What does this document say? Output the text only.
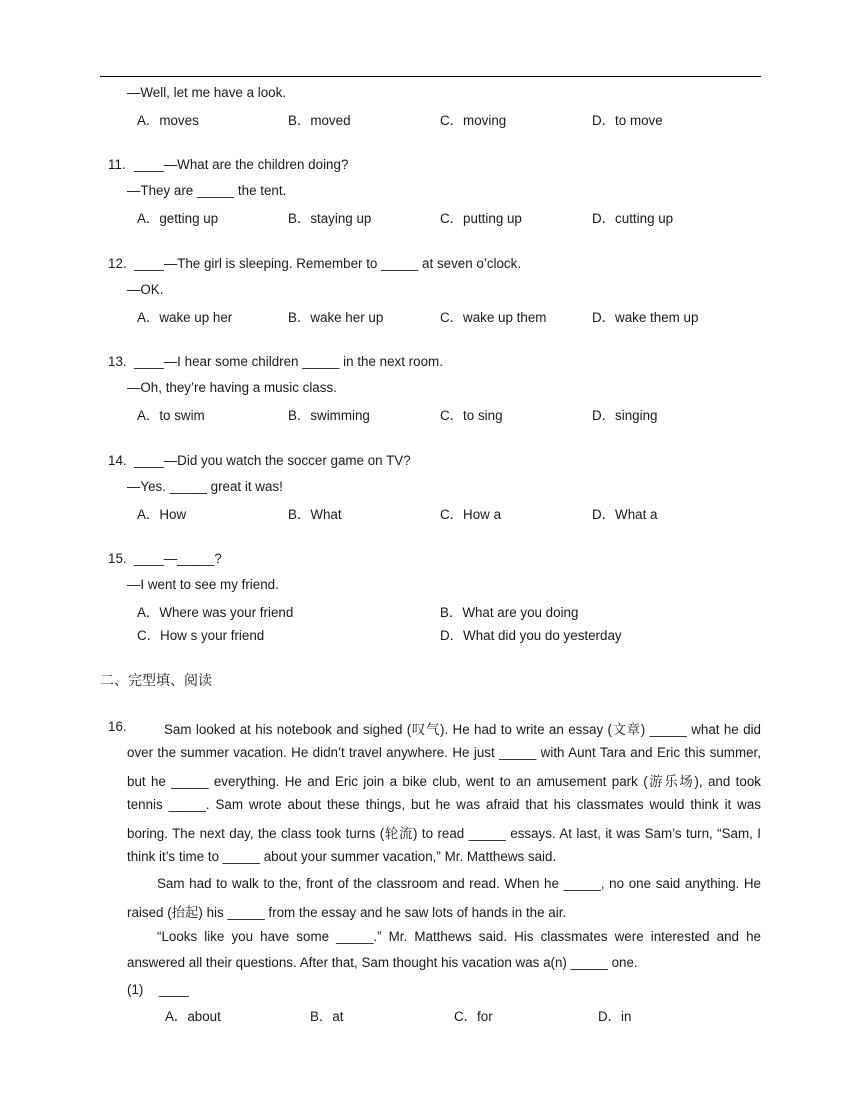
—Well, let me have a look.
A．moves	B．moved	C．moving	D．to move
11. ____—What are the children doing?
—They are _____ the tent.
A．getting up	B．staying up	C．putting up	D．cutting up
12. ____—The girl is sleeping. Remember to _____ at seven o’clock.
—OK.
A．wake up her	B．wake her up	C．wake up them	D．wake them up
13. ____—I hear some children _____ in the next room.
—Oh, they’re having a music class.
A．to swim	B．swimming	C．to sing	D．singing
14. ____—Did you watch the soccer game on TV?
—Yes. _____ great it was!
A．How	B．What	C．How a	D．What a
15. ____—_____?
—I went to see my friend.
A．Where was your friend	B．What are you doing
C．How s your friend	D．What did you do yesterday
二、完型填、阅读
16.	Sam looked at his notebook and sighed (叹气). He had to write an essay (文章) _____ what he did
over the summer vacation. He didn’t travel anywhere. He just _____ with Aunt Tara and Eric this summer,
but he _____ everything. He and Eric join a bike club, went to an amusement park (游乐场), and took
tennis _____. Sam wrote about these things, but he was afraid that his classmates would think it was
boring. The next day, the class took turns (轮流) to read _____ essays. At last, it was Sam’s turn, “Sam, I
think it’s time to _____ about your summer vacation,” Mr. Matthews said.
Sam had to walk to the, front of the classroom and read. When he _____, no one said anything. He
raised (抬起) his _____ from the essay and he saw lots of hands in the air.
“Looks like you have some _____.” Mr. Matthews said. His classmates were interested and he
answered all their questions. After that, Sam thought his vacation was a(n) _____ one.
(1) ____
A．about	B．at	C．for	D．in
